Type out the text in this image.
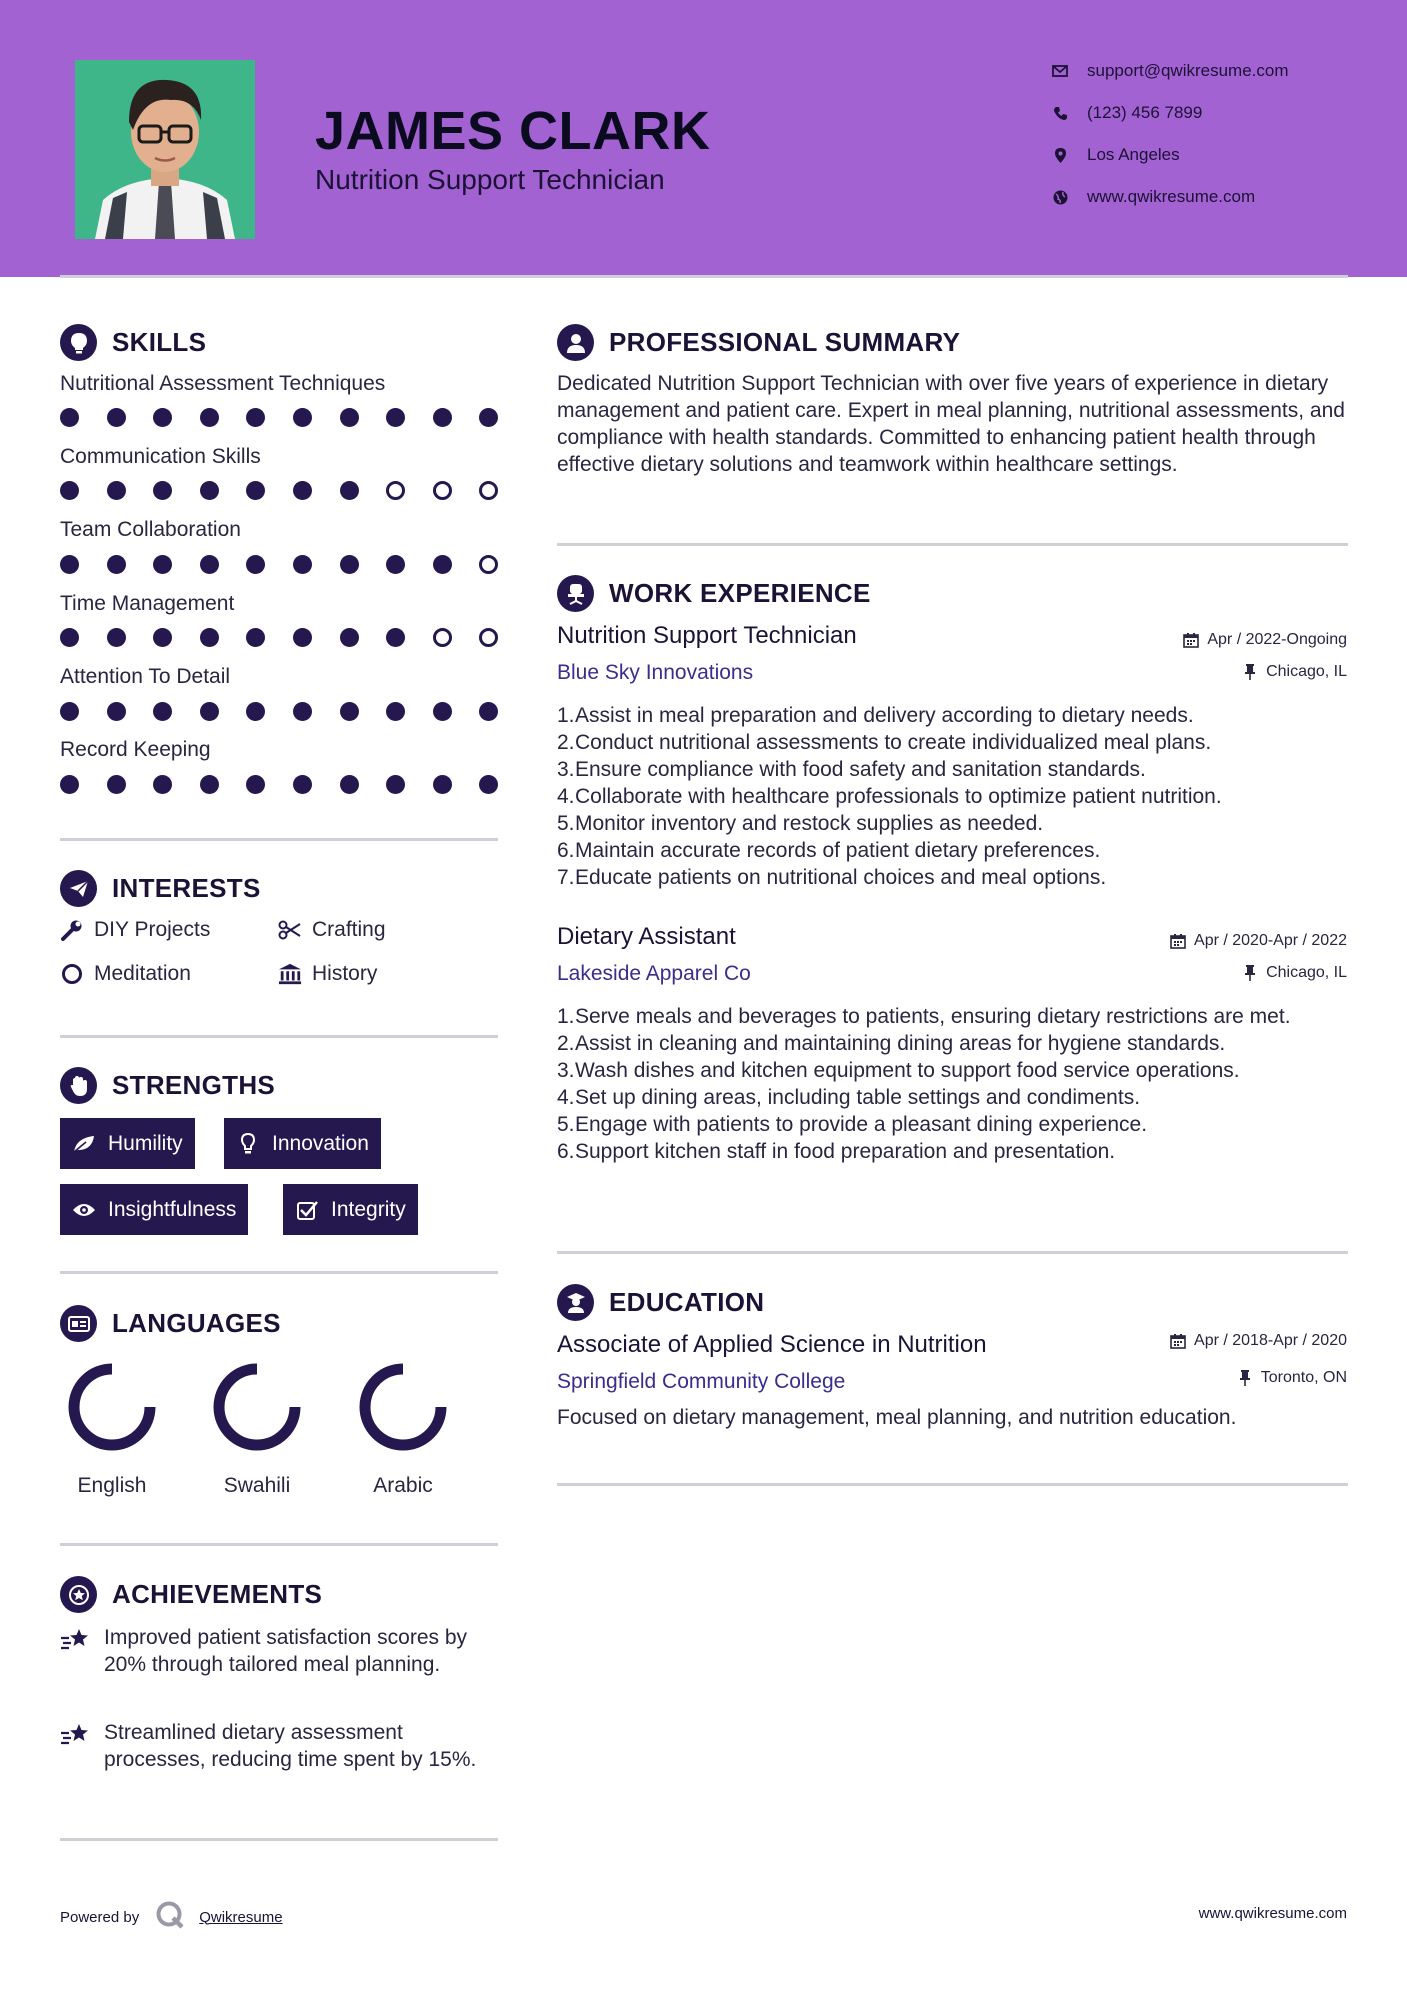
JAMES CLARK
Nutrition Support Technician
support@qwikresume.com
(123) 456 7899
Los Angeles
www.qwikresume.com
SKILLS
Nutritional Assessment Techniques
Communication Skills
Team Collaboration
Time Management
Attention To Detail
Record Keeping
INTERESTS
DIY Projects	Crafting
Meditation	History
STRENGTHS
Humility	Innovation
Insightfulness	Integrity
LANGUAGES
English	Swahili	Arabic
ACHIEVEMENTS
Improved patient satisfaction scores by 20% through tailored meal planning.
Streamlined dietary assessment processes, reducing time spent by 15%.
PROFESSIONAL SUMMARY
Dedicated Nutrition Support Technician with over five years of experience in dietary management and patient care. Expert in meal planning, nutritional assessments, and compliance with health standards. Committed to enhancing patient health through effective dietary solutions and teamwork within healthcare settings.
WORK EXPERIENCE
Nutrition Support Technician	Apr / 2022-Ongoing
Blue Sky Innovations	Chicago, IL
1. Assist in meal preparation and delivery according to dietary needs.
2. Conduct nutritional assessments to create individualized meal plans.
3. Ensure compliance with food safety and sanitation standards.
4. Collaborate with healthcare professionals to optimize patient nutrition.
5. Monitor inventory and restock supplies as needed.
6. Maintain accurate records of patient dietary preferences.
7. Educate patients on nutritional choices and meal options.
Dietary Assistant	Apr / 2020-Apr / 2022
Lakeside Apparel Co	Chicago, IL
1. Serve meals and beverages to patients, ensuring dietary restrictions are met.
2. Assist in cleaning and maintaining dining areas for hygiene standards.
3. Wash dishes and kitchen equipment to support food service operations.
4. Set up dining areas, including table settings and condiments.
5. Engage with patients to provide a pleasant dining experience.
6. Support kitchen staff in food preparation and presentation.
EDUCATION
Associate of Applied Science in Nutrition	Apr / 2018-Apr / 2020
Springfield Community College	Toronto, ON
Focused on dietary management, meal planning, and nutrition education.
Powered by	Qwikresume	www.qwikresume.com
